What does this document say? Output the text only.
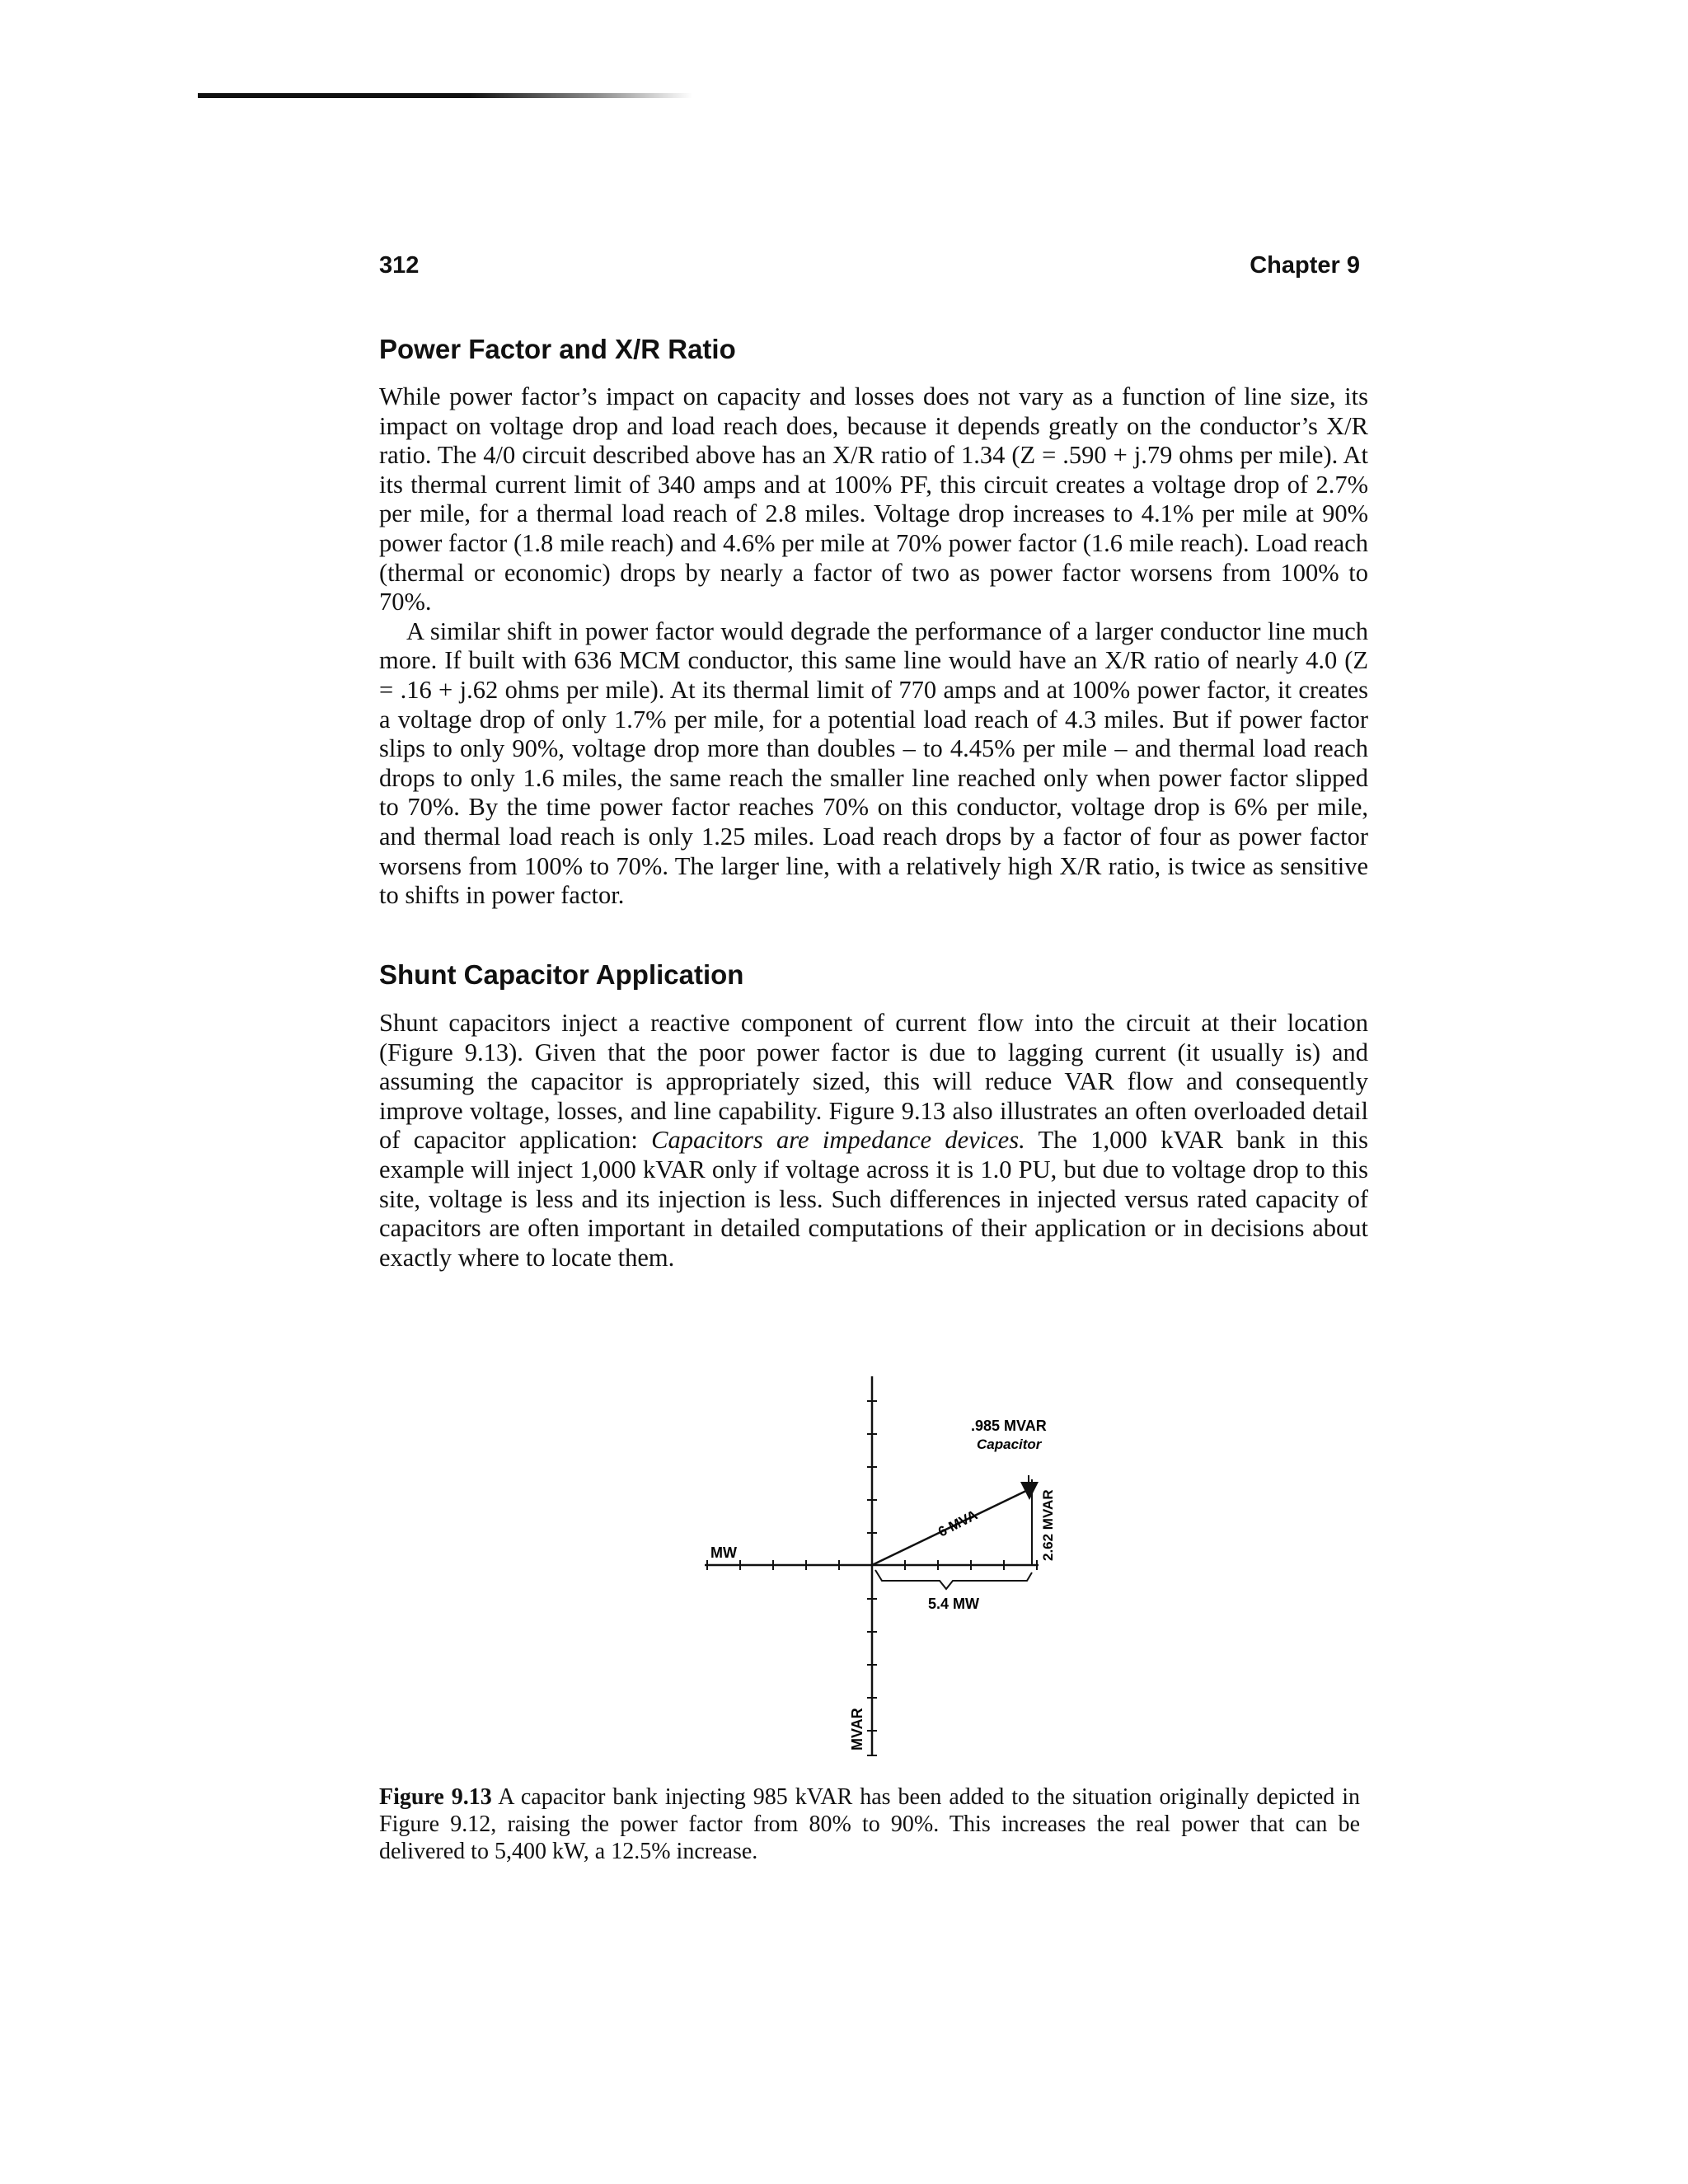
312	Chapter 9
Power Factor and X/R Ratio

While power factor’s impact on capacity and losses does not vary as a function of line size, its impact on voltage drop and load reach does, because it depends greatly on the conductor’s X/R ratio. The 4/0 circuit described above has an X/R ratio of 1.34 (Z = .590 + j.79 ohms per mile). At its thermal current limit of 340 amps and at 100% PF, this circuit creates a voltage drop of 2.7% per mile, for a thermal load reach of 2.8 miles. Voltage drop increases to 4.1% per mile at 90% power factor (1.8 mile reach) and 4.6% per mile at 70% power factor (1.6 mile reach). Load reach (thermal or economic) drops by nearly a factor of two as power factor worsens from 100% to 70%.

A similar shift in power factor would degrade the performance of a larger conductor line much more. If built with 636 MCM conductor, this same line would have an X/R ratio of nearly 4.0 (Z = .16 + j.62 ohms per mile). At its thermal limit of 770 amps and at 100% power factor, it creates a voltage drop of only 1.7% per mile, for a potential load reach of 4.3 miles. But if power factor slips to only 90%, voltage drop more than doubles – to 4.45% per mile – and thermal load reach drops to only 1.6 miles, the same reach the smaller line reached only when power factor slipped to 70%. By the time power factor reaches 70% on this conductor, voltage drop is 6% per mile, and thermal load reach is only 1.25 miles. Load reach drops by a factor of four as power factor worsens from 100% to 70%. The larger line, with a relatively high X/R ratio, is twice as sensitive to shifts in power factor.

Shunt Capacitor Application

Shunt capacitors inject a reactive component of current flow into the circuit at their location (Figure 9.13). Given that the poor power factor is due to lagging current (it usually is) and assuming the capacitor is appropriately sized, this will reduce VAR flow and consequently improve voltage, losses, and line capability. Figure 9.13 also illustrates an often overloaded detail of capacitor application: Capacitors are impedance devices. The 1,000 kVAR bank in this example will inject 1,000 kVAR only if voltage across it is 1.0 PU, but due to voltage drop to this site, voltage is less and its injection is less. Such differences in injected versus rated capacity of capacitors are often important in detailed computations of their application or in decisions about exactly where to locate them.

.985 MVAR
Capacitor
6 MVA	2.62 MVAR
5.4 MW
MW
MVAR

Figure 9.13 A capacitor bank injecting 985 kVAR has been added to the situation originally depicted in Figure 9.12, raising the power factor from 80% to 90%. This increases the real power that can be delivered to 5,400 kW, a 12.5% increase.
